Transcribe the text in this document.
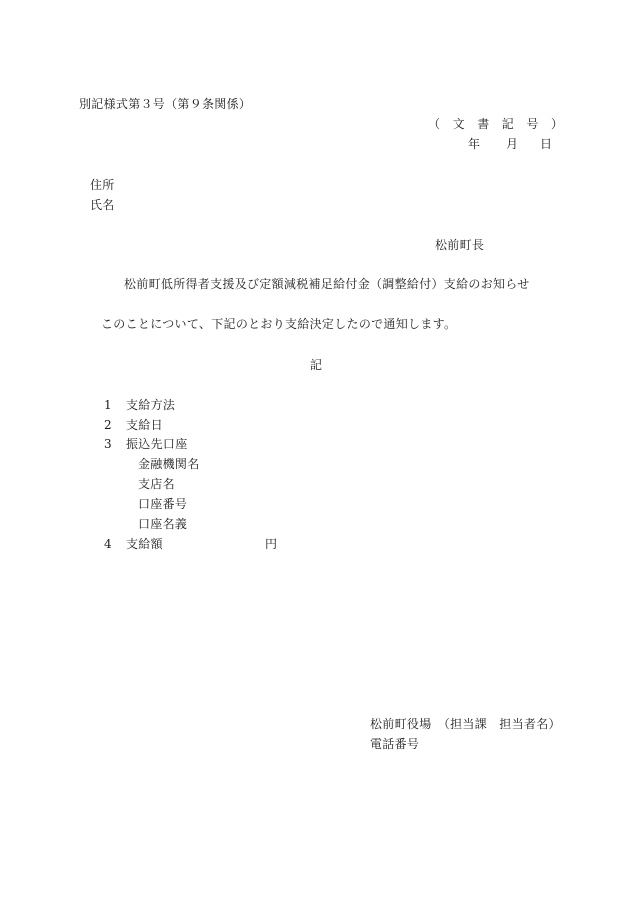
別記様式第３号（第９条関係）
（　文　書　記　号　）
年 月 日
住所
氏名
松前町長
松前町低所得者支援及び定額減税補足給付金（調整給付）支給のお知らせ
このことについて、下記のとおり支給決定したので通知します。
記
1 支給方法
2 支給日
3 振込先口座
金融機関名
支店名
口座番号
口座名義
4 支給額	円
松前町役場　（担当課　担当者名）
電話番号
